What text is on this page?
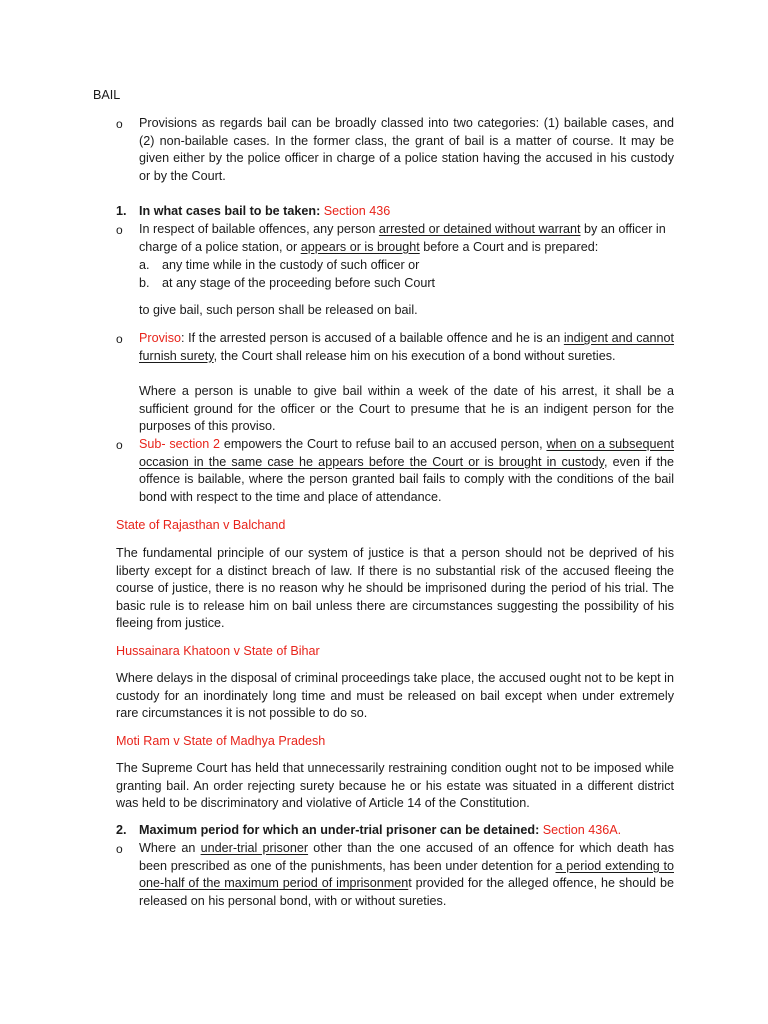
BAIL
o Provisions as regards bail can be broadly classed into two categories: (1) bailable cases, and (2) non-bailable cases. In the former class, the grant of bail is a matter of course. It may be given either by the police officer in charge of a police station having the accused in his custody or by the Court.
1. In what cases bail to be taken: Section 436
o In respect of bailable offences, any person arrested or detained without warrant by an officer in charge of a police station, or appears or is brought before a Court and is prepared:
a. any time while in the custody of such officer or
b. at any stage of the proceeding before such Court
to give bail, such person shall be released on bail.
o Proviso: If the arrested person is accused of a bailable offence and he is an indigent and cannot furnish surety, the Court shall release him on his execution of a bond without sureties.
Where a person is unable to give bail within a week of the date of his arrest, it shall be a sufficient ground for the officer or the Court to presume that he is an indigent person for the purposes of this proviso.
o Sub- section 2 empowers the Court to refuse bail to an accused person, when on a subsequent occasion in the same case he appears before the Court or is brought in custody, even if the offence is bailable, where the person granted bail fails to comply with the conditions of the bail bond with respect to the time and place of attendance.
State of Rajasthan v Balchand
The fundamental principle of our system of justice is that a person should not be deprived of his liberty except for a distinct breach of law. If there is no substantial risk of the accused fleeing the course of justice, there is no reason why he should be imprisoned during the period of his trial. The basic rule is to release him on bail unless there are circumstances suggesting the possibility of his fleeing from justice.
Hussainara Khatoon v State of Bihar
Where delays in the disposal of criminal proceedings take place, the accused ought not to be kept in custody for an inordinately long time and must be released on bail except when under extremely rare circumstances it is not possible to do so.
Moti Ram v State of Madhya Pradesh
The Supreme Court has held that unnecessarily restraining condition ought not to be imposed while granting bail. An order rejecting surety because he or his estate was situated in a different district was held to be discriminatory and violative of Article 14 of the Constitution.
2. Maximum period for which an under-trial prisoner can be detained: Section 436A.
o Where an under-trial prisoner other than the one accused of an offence for which death has been prescribed as one of the punishments, has been under detention for a period extending to one-half of the maximum period of imprisonment provided for the alleged offence, he should be released on his personal bond, with or without sureties.
